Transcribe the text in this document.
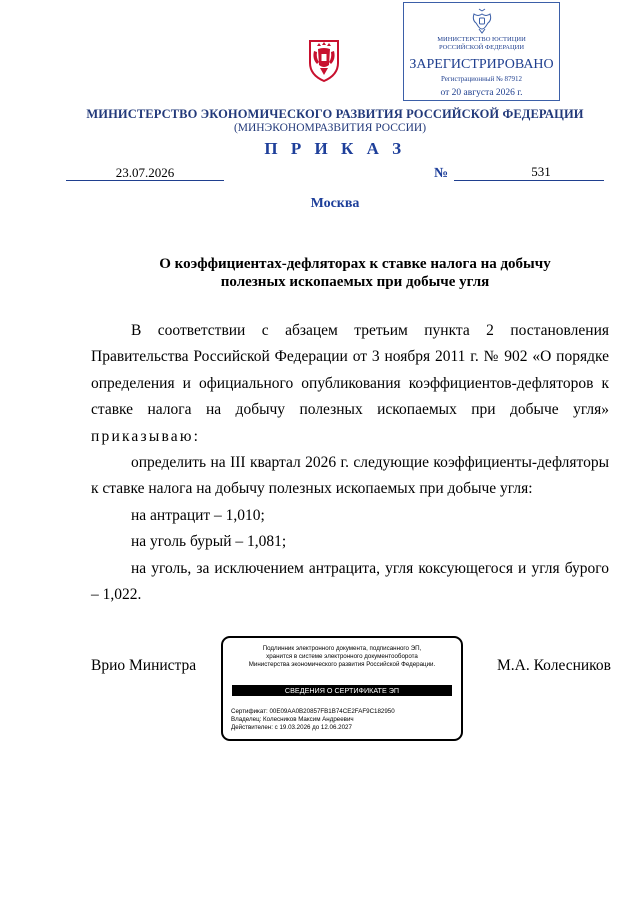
МИНИСТЕРСТВО ЮСТИЦИИ
РОССИЙСКОЙ ФЕДЕРАЦИИ
ЗАРЕГИСТРИРОВАНО
Регистрационный № 87912
от 20 августа 2026 г.
МИНИСТЕРСТВО ЭКОНОМИЧЕСКОГО РАЗВИТИЯ РОССИЙСКОЙ ФЕДЕРАЦИИ
(МИНЭКОНОМРАЗВИТИЯ РОССИИ)
П Р И К А З
23.07.2026	№	531
Москва
О коэффициентах-дефляторах к ставке налога на добычу
полезных ископаемых при добыче угля

В соответствии с абзацем третьим пункта 2 постановления Правительства Российской Федерации от 3 ноября 2011 г. № 902 «О порядке определения и официального опубликования коэффициентов-дефляторов к ставке налога на добычу полезных ископаемых при добыче угля» приказываю:

определить на III квартал 2026 г. следующие коэффициенты-дефляторы к ставке налога на добычу полезных ископаемых при добыче угля:

на антрацит – 1,010;

на уголь бурый – 1,081;

на уголь, за исключением антрацита, угля коксующегося и угля бурого – 1,022.

Врио Министра	М.А. Колесников
Подлинник электронного документа, подписанного ЭП,
хранится в системе электронного документооборота
Министерства экономического развития Российской Федерации.
СВЕДЕНИЯ О СЕРТИФИКАТЕ ЭП
Сертификат: 00E09AA0B20857FB1B74CE2FAF9C182950
Владелец: Колесников Максим Андреевич
Действителен: с 19.03.2026 до 12.06.2027
